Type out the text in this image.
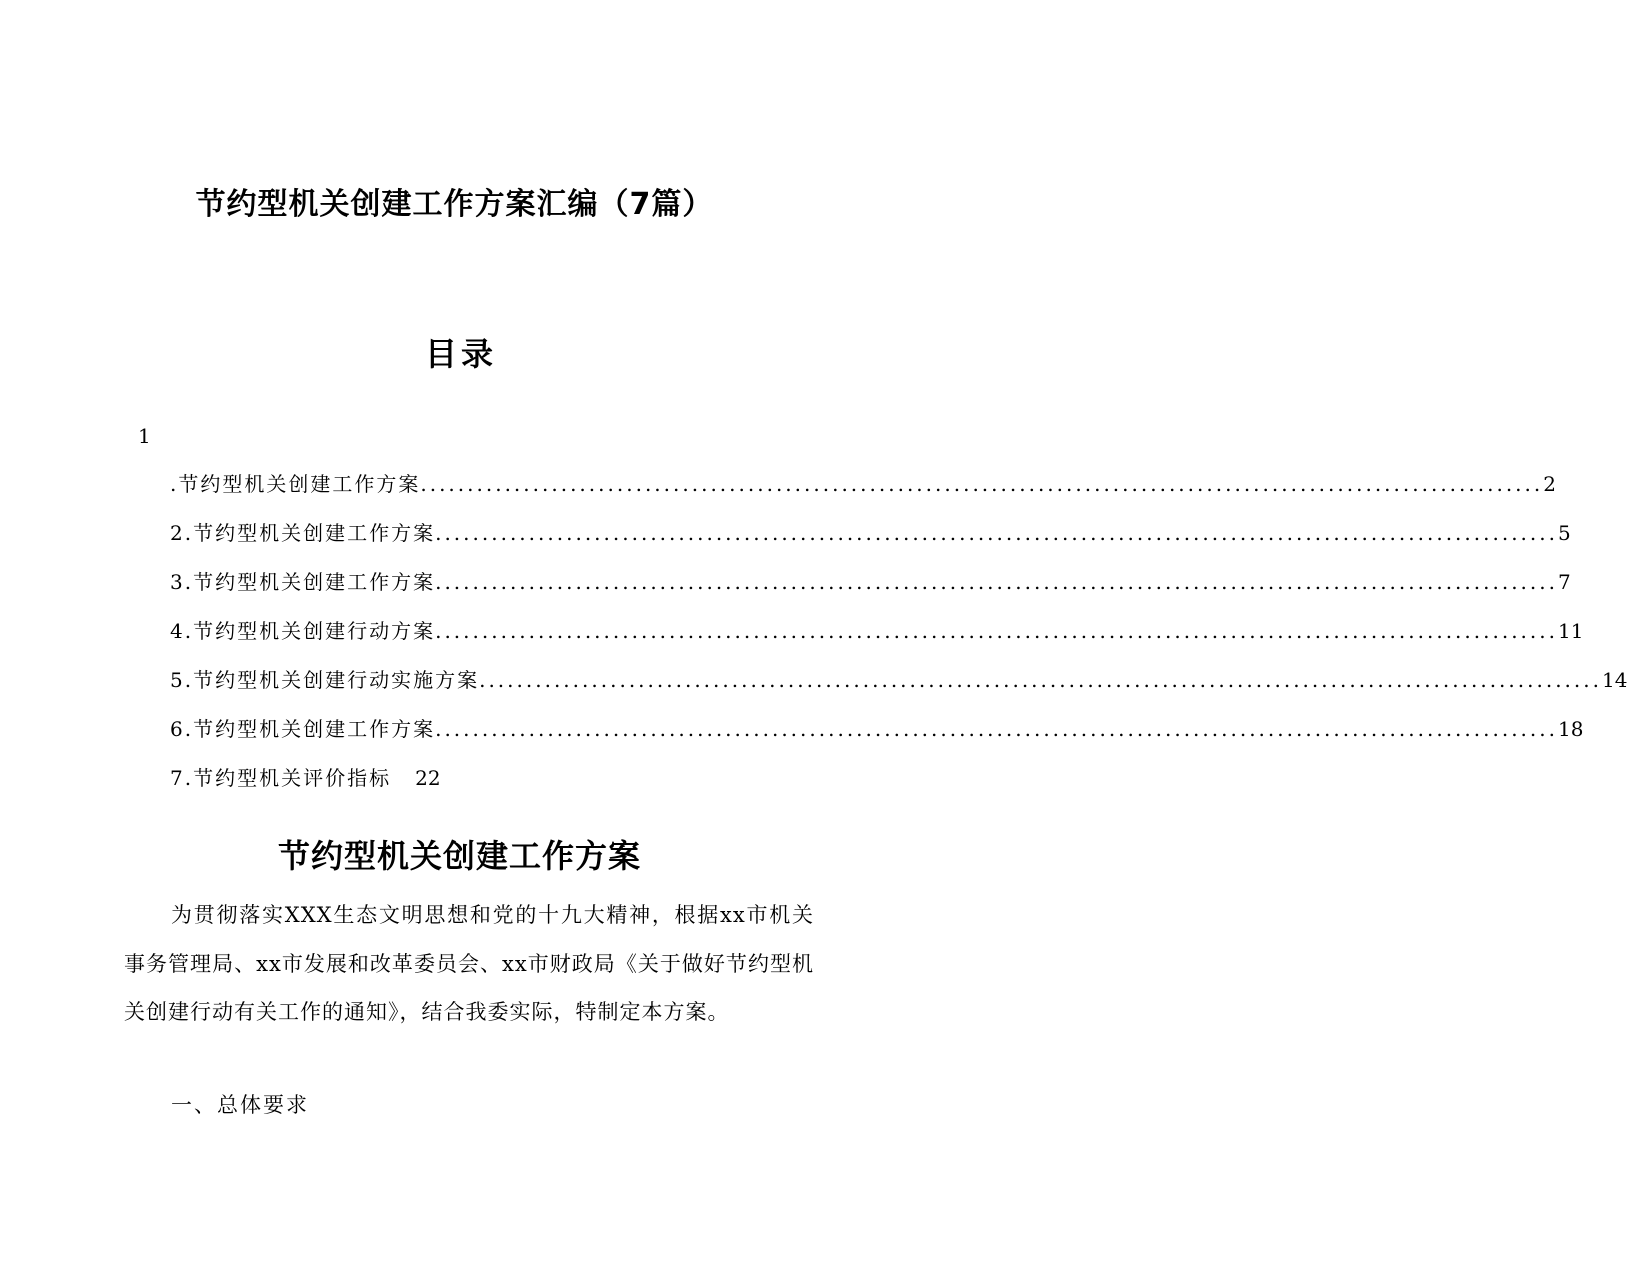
节约型机关创建工作方案汇编（7篇）
目录
1
.节约型机关创建工作方案 ........................................................................................................................ 2
2.节约型机关创建工作方案 ........................................................................................................................ 5
3.节约型机关创建工作方案 ........................................................................................................................ 7
4.节约型机关创建行动方案 ........................................................................................................................ 11
5.节约型机关创建行动实施方案 ........................................................................................................................ 14
6.节约型机关创建工作方案 ........................................................................................................................ 18
7.节约型机关评价指标 22
节约型机关创建工作方案

为贯彻落实XXX生态文明思想和党的十九大精神，根据xx市机关事务管理局、xx市发展和改革委员会、xx市财政局《关于做好节约型机关创建行动有关工作的通知》，结合我委实际，特制定本方案。

一、总体要求
